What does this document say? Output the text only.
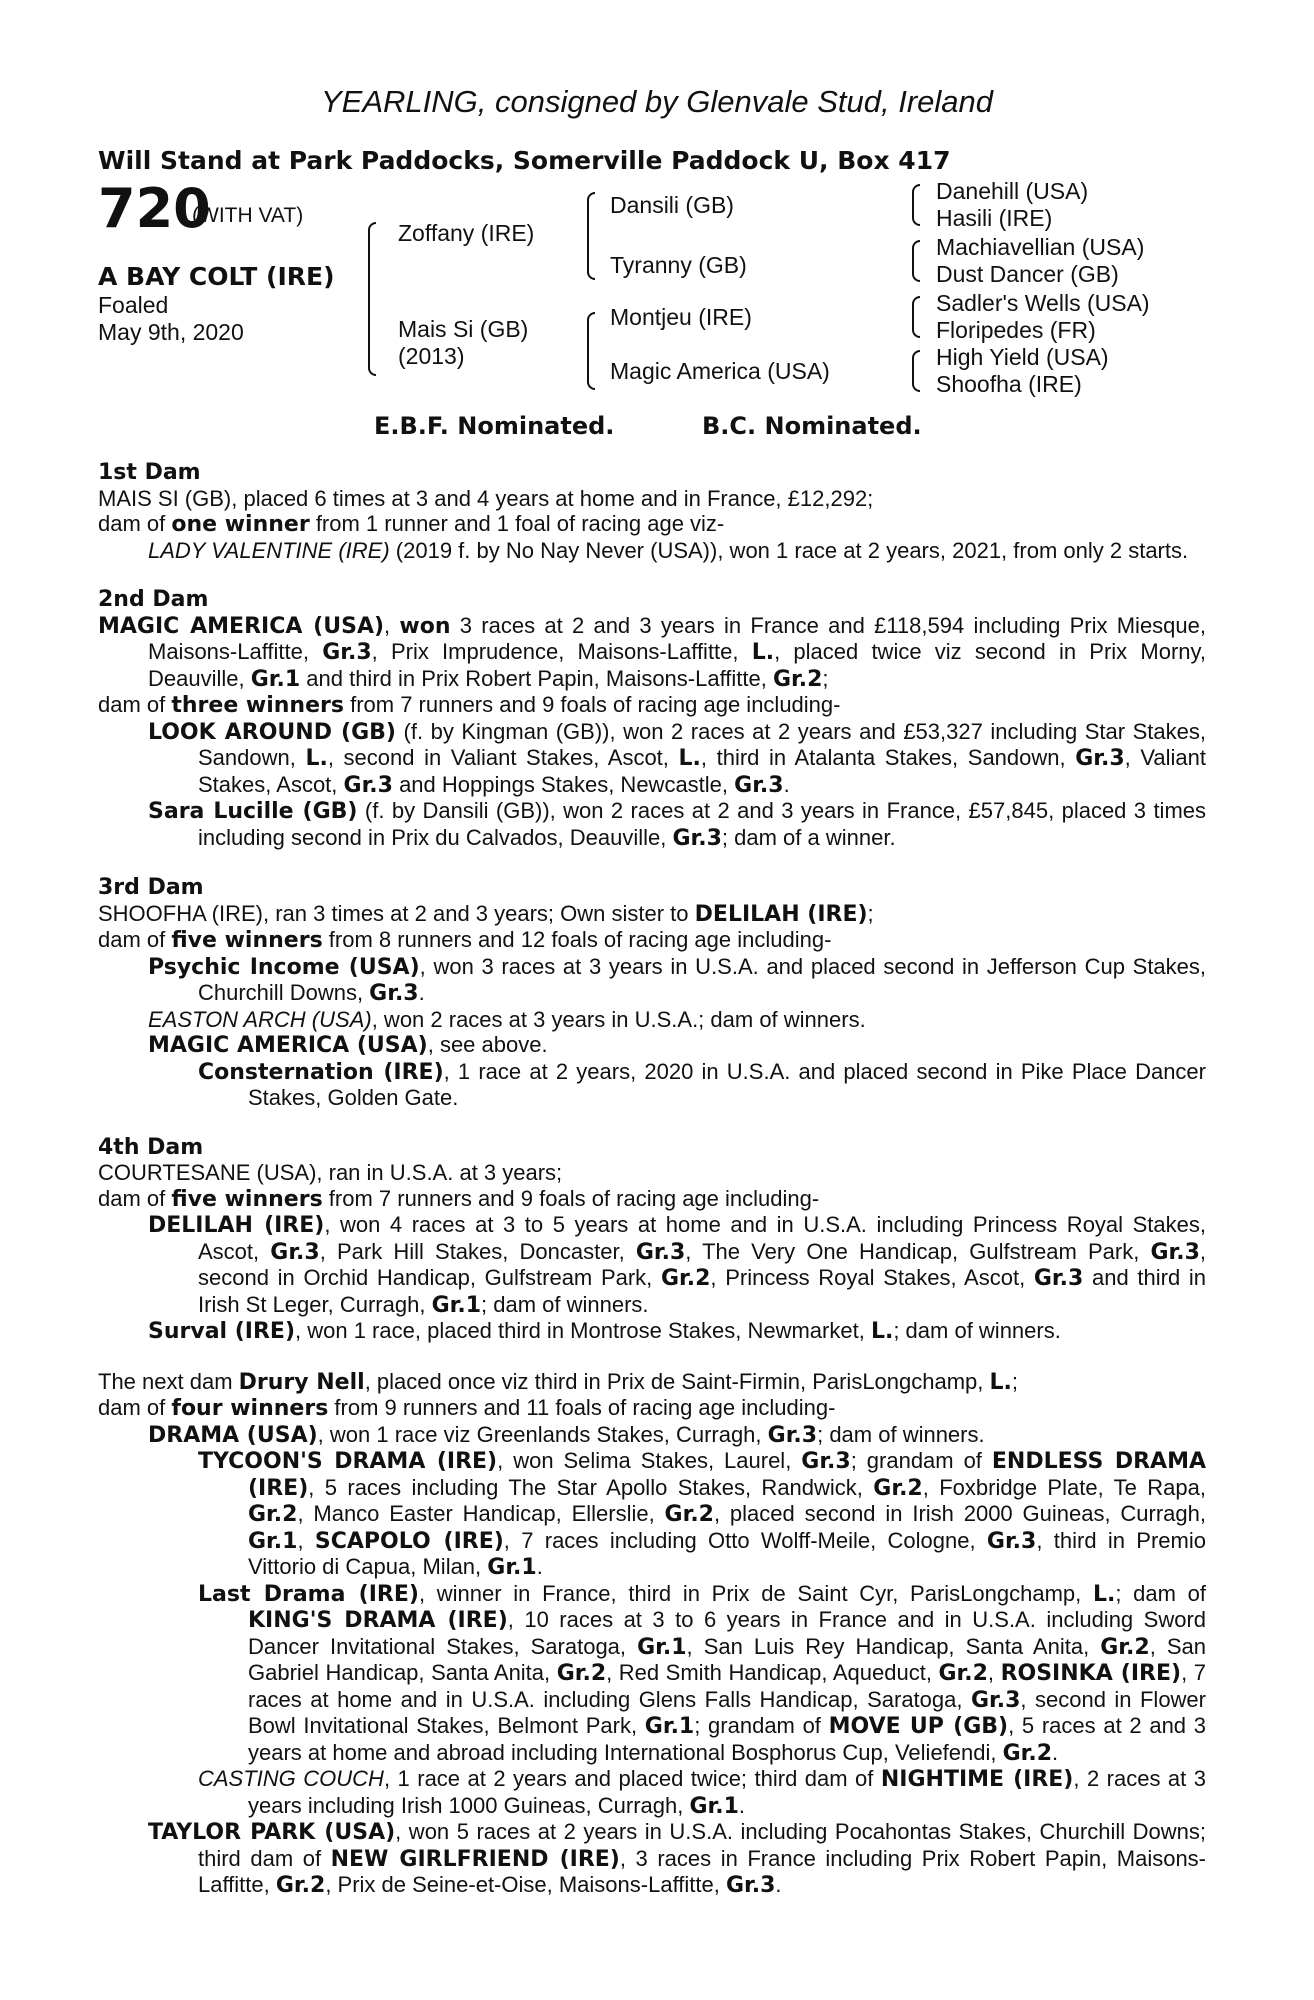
YEARLING, consigned by Glenvale Stud, Ireland
Will Stand at Park Paddocks, Somerville Paddock U, Box 417
720
(WITH VAT)
A BAY COLT (IRE)
Foaled
May 9th, 2020
Zoffany (IRE)
Mais Si (GB)
(2013)
Dansili (GB)
Tyranny (GB)
Montjeu (IRE)
Magic America (USA)
Danehill (USA)
Hasili (IRE)
Machiavellian (USA)
Dust Dancer (GB)
Sadler's Wells (USA)
Floripedes (FR)
High Yield (USA)
Shoofha (IRE)
E.B.F. Nominated.	B.C. Nominated.

1st Dam

MAIS SI (GB), placed 6 times at 3 and 4 years at home and in France, £12,292;

dam of one winner from 1 runner and 1 foal of racing age viz-

LADY VALENTINE (IRE) (2019 f. by No Nay Never (USA)), won 1 race at 2 years, 2021, from only 2 starts.

2nd Dam

MAGIC AMERICA (USA), won 3 races at 2 and 3 years in France and £118,594 including Prix Miesque, Maisons-Laffitte, Gr.3, Prix Imprudence, Maisons-Laffitte, L., placed twice viz second in Prix Morny, Deauville, Gr.1 and third in Prix Robert Papin, Maisons-Laffitte, Gr.2;

dam of three winners from 7 runners and 9 foals of racing age including-

LOOK AROUND (GB) (f. by Kingman (GB)), won 2 races at 2 years and £53,327 including Star Stakes, Sandown, L., second in Valiant Stakes, Ascot, L., third in Atalanta Stakes, Sandown, Gr.3, Valiant Stakes, Ascot, Gr.3 and Hoppings Stakes, Newcastle, Gr.3.

Sara Lucille (GB) (f. by Dansili (GB)), won 2 races at 2 and 3 years in France, £57,845, placed 3 times including second in Prix du Calvados, Deauville, Gr.3; dam of a winner.

3rd Dam

SHOOFHA (IRE), ran 3 times at 2 and 3 years; Own sister to DELILAH (IRE);

dam of five winners from 8 runners and 12 foals of racing age including-

Psychic Income (USA), won 3 races at 3 years in U.S.A. and placed second in Jefferson Cup Stakes, Churchill Downs, Gr.3.

EASTON ARCH (USA), won 2 races at 3 years in U.S.A.; dam of winners.

MAGIC AMERICA (USA), see above.

Consternation (IRE), 1 race at 2 years, 2020 in U.S.A. and placed second in Pike Place Dancer Stakes, Golden Gate.

4th Dam

COURTESANE (USA), ran in U.S.A. at 3 years;

dam of five winners from 7 runners and 9 foals of racing age including-

DELILAH (IRE), won 4 races at 3 to 5 years at home and in U.S.A. including Princess Royal Stakes, Ascot, Gr.3, Park Hill Stakes, Doncaster, Gr.3, The Very One Handicap, Gulfstream Park, Gr.3, second in Orchid Handicap, Gulfstream Park, Gr.2, Princess Royal Stakes, Ascot, Gr.3 and third in Irish St Leger, Curragh, Gr.1; dam of winners.

Surval (IRE), won 1 race, placed third in Montrose Stakes, Newmarket, L.; dam of winners.

The next dam Drury Nell, placed once viz third in Prix de Saint-Firmin, ParisLongchamp, L.;

dam of four winners from 9 runners and 11 foals of racing age including-

DRAMA (USA), won 1 race viz Greenlands Stakes, Curragh, Gr.3; dam of winners.

TYCOON'S DRAMA (IRE), won Selima Stakes, Laurel, Gr.3; grandam of ENDLESS DRAMA (IRE), 5 races including The Star Apollo Stakes, Randwick, Gr.2, Foxbridge Plate, Te Rapa, Gr.2, Manco Easter Handicap, Ellerslie, Gr.2, placed second in Irish 2000 Guineas, Curragh, Gr.1, SCAPOLO (IRE), 7 races including Otto Wolff-Meile, Cologne, Gr.3, third in Premio Vittorio di Capua, Milan, Gr.1.

Last Drama (IRE), winner in France, third in Prix de Saint Cyr, ParisLongchamp, L.; dam of KING'S DRAMA (IRE), 10 races at 3 to 6 years in France and in U.S.A. including Sword Dancer Invitational Stakes, Saratoga, Gr.1, San Luis Rey Handicap, Santa Anita, Gr.2, San Gabriel Handicap, Santa Anita, Gr.2, Red Smith Handicap, Aqueduct, Gr.2, ROSINKA (IRE), 7 races at home and in U.S.A. including Glens Falls Handicap, Saratoga, Gr.3, second in Flower Bowl Invitational Stakes, Belmont Park, Gr.1; grandam of MOVE UP (GB), 5 races at 2 and 3 years at home and abroad including International Bosphorus Cup, Veliefendi, Gr.2.

CASTING COUCH, 1 race at 2 years and placed twice; third dam of NIGHTIME (IRE), 2 races at 3 years including Irish 1000 Guineas, Curragh, Gr.1.

TAYLOR PARK (USA), won 5 races at 2 years in U.S.A. including Pocahontas Stakes, Churchill Downs; third dam of NEW GIRLFRIEND (IRE), 3 races in France including Prix Robert Papin, Maisons-Laffitte, Gr.2, Prix de Seine-et-Oise, Maisons-Laffitte, Gr.3.
